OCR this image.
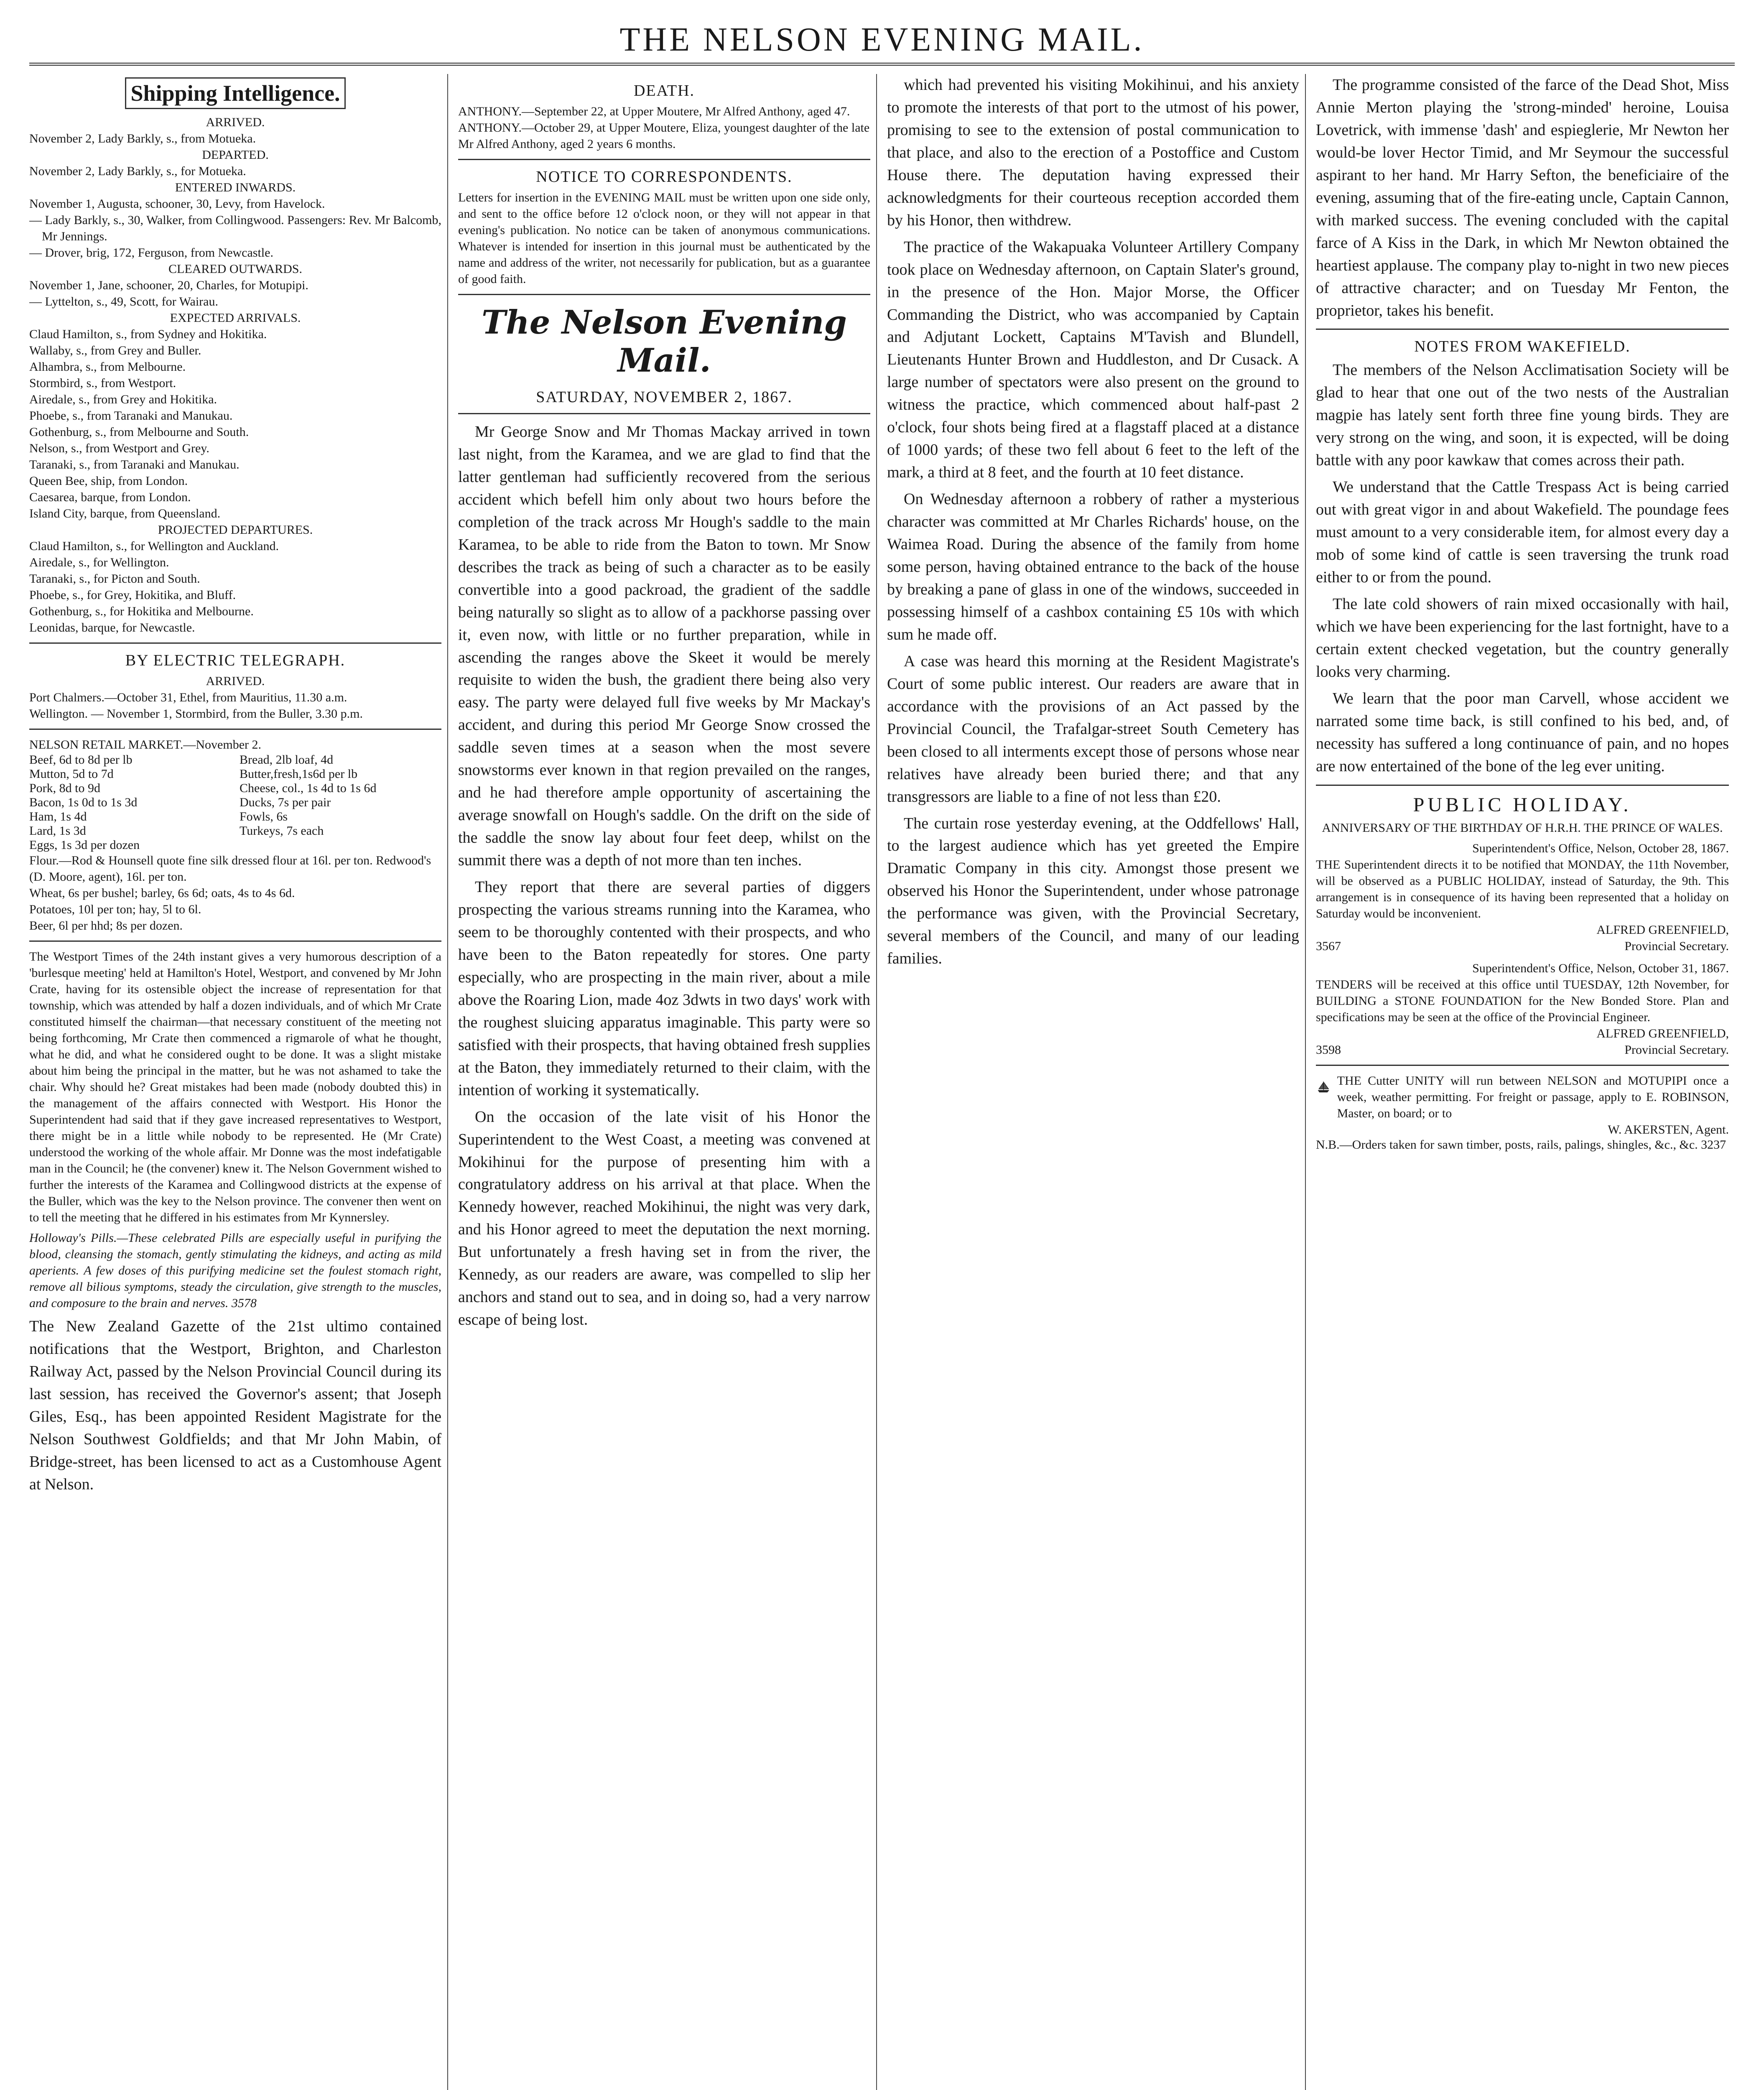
THE NELSON EVENING MAIL.
Shipping Intelligence.
ARRIVED.
November 2, Lady Barkly, s., from Motueka.
DEPARTED.
November 2, Lady Barkly, s., for Motueka.
ENTERED INWARDS.
November 1, Augusta, schooner, 30, Levy, from Havelock.
— Lady Barkly, s., 30, Walker, from Collingwood. Passengers: Rev. Mr Balcomb, Mr Jennings.
— Drover, brig, 172, Ferguson, from Newcastle.
CLEARED OUTWARDS.
November 1, Jane, schooner, 20, Charles, for Motupipi.
— Lyttelton, s., 49, Scott, for Wairau.
EXPECTED ARRIVALS.
Claud Hamilton, s., from Sydney and Hokitika.
Wallaby, s., from Grey and Buller.
Alhambra, s., from Melbourne.
Stormbird, s., from Westport.
Airedale, s., from Grey and Hokitika.
Phoebe, s., from Taranaki and Manukau.
Gothenburg, s., from Melbourne and South.
Nelson, s., from Westport and Grey.
Taranaki, s., from Taranaki and Manukau.
Queen Bee, ship, from London.
Caesarea, barque, from London.
Island City, barque, from Queensland.
PROJECTED DEPARTURES.
Claud Hamilton, s., for Wellington and Auckland.
Airedale, s., for Wellington.
Taranaki, s., for Picton and South.
Phoebe, s., for Grey, Hokitika, and Bluff.
Gothenburg, s., for Hokitika and Melbourne.
Leonidas, barque, for Newcastle.
BY ELECTRIC TELEGRAPH.
ARRIVED.
Port Chalmers.—October 31, Ethel, from Mauritius, 11.30 a.m.
Wellington. — November 1, Stormbird, from the Buller, 3.30 p.m.
NELSON RETAIL MARKET.—November 2.
Beef, 6d to 8d per lb	Bread, 2lb loaf, 4d
Mutton, 5d to 7d	Butter,fresh,1s6d per lb
Pork, 8d to 9d	Cheese, col., 1s 4d to 1s 6d
Bacon, 1s 0d to 1s 3d	Ducks, 7s per pair
Ham, 1s 4d	Fowls, 6s
Lard, 1s 3d	Turkeys, 7s each
Eggs, 1s 3d per dozen
Flour.—Rod & Hounsell quote fine silk dressed flour at 16l. per ton. Redwood's (D. Moore, agent), 16l. per ton.
Wheat, 6s per bushel; barley, 6s 6d; oats, 4s to 4s 6d.
Potatoes, 10l per ton; hay, 5l to 6l.
Beer, 6l per hhd; 8s per dozen.
The Westport Times of the 24th instant gives a very humorous description of a 'burlesque meeting' held at Hamilton's Hotel, Westport, and convened by Mr John Crate, having for its ostensible object the increase of representation for that township, which was attended by half a dozen individuals, and of which Mr Crate constituted himself the chairman—that necessary constituent of the meeting not being forthcoming, Mr Crate then commenced a rigmarole of what he thought, what he did, and what he considered ought to be done. It was a slight mistake about him being the principal in the matter, but he was not ashamed to take the chair. Why should he? Great mistakes had been made (nobody doubted this) in the management of the affairs connected with Westport. His Honor the Superintendent had said that if they gave increased representatives to Westport, there might be in a little while nobody to be represented. He (Mr Crate) understood the working of the whole affair. Mr Donne was the most indefatigable man in the Council; he (the convener) knew it. The Nelson Government wished to further the interests of the Karamea and Collingwood districts at the expense of the Buller, which was the key to the Nelson province. The convener then went on to tell the meeting that he differed in his estimates from Mr Kynnersley.
Holloway's Pills.—These celebrated Pills are especially useful in purifying the blood, cleansing the stomach, gently stimulating the kidneys, and acting as mild aperients. A few doses of this purifying medicine set the foulest stomach right, remove all bilious symptoms, steady the circulation, give strength to the muscles, and composure to the brain and nerves. 3578
The New Zealand Gazette of the 21st ultimo contained notifications that the Westport, Brighton, and Charleston Railway Act, passed by the Nelson Provincial Council during its last session, has received the Governor's assent; that Joseph Giles, Esq., has been appointed Resident Magistrate for the Nelson Southwest Goldfields; and that Mr John Mabin, of Bridge-street, has been licensed to act as a Customhouse Agent at Nelson.
DEATH.
ANTHONY.—September 22, at Upper Moutere, Mr Alfred Anthony, aged 47.
ANTHONY.—October 29, at Upper Moutere, Eliza, youngest daughter of the late Mr Alfred Anthony, aged 2 years 6 months.
NOTICE TO CORRESPONDENTS.
Letters for insertion in the EVENING MAIL must be written upon one side only, and sent to the office before 12 o'clock noon, or they will not appear in that evening's publication. No notice can be taken of anonymous communications. Whatever is intended for insertion in this journal must be authenticated by the name and address of the writer, not necessarily for publication, but as a guarantee of good faith.
The Nelson Evening Mail.
SATURDAY, NOVEMBER 2, 1867.

Mr George Snow and Mr Thomas Mackay arrived in town last night, from the Karamea, and we are glad to find that the latter gentleman had sufficiently recovered from the serious accident which befell him only about two hours before the completion of the track across Mr Hough's saddle to the main Karamea, to be able to ride from the Baton to town. Mr Snow describes the track as being of such a character as to be easily convertible into a good packroad, the gradient of the saddle being naturally so slight as to allow of a packhorse passing over it, even now, with little or no further preparation, while in ascending the ranges above the Skeet it would be merely requisite to widen the bush, the gradient there being also very easy. The party were delayed full five weeks by Mr Mackay's accident, and during this period Mr George Snow crossed the saddle seven times at a season when the most severe snowstorms ever known in that region prevailed on the ranges, and he had therefore ample opportunity of ascertaining the average snowfall on Hough's saddle. On the drift on the side of the saddle the snow lay about four feet deep, whilst on the summit there was a depth of not more than ten inches.

They report that there are several parties of diggers prospecting the various streams running into the Karamea, who seem to be thoroughly contented with their prospects, and who have been to the Baton repeatedly for stores. One party especially, who are prospecting in the main river, about a mile above the Roaring Lion, made 4oz 3dwts in two days' work with the roughest sluicing apparatus imaginable. This party were so satisfied with their prospects, that having obtained fresh supplies at the Baton, they immediately returned to their claim, with the intention of working it systematically.

On the occasion of the late visit of his Honor the Superintendent to the West Coast, a meeting was convened at Mokihinui for the purpose of presenting him with a congratulatory address on his arrival at that place. When the Kennedy however, reached Mokihinui, the night was very dark, and his Honor agreed to meet the deputation the next morning. But unfortunately a fresh having set in from the river, the Kennedy, as our readers are aware, was compelled to slip her anchors and stand out to sea, and in doing so, had a very narrow escape of being lost.

which had prevented his visiting Mokihinui, and his anxiety to promote the interests of that port to the utmost of his power, promising to see to the extension of postal communication to that place, and also to the erection of a Postoffice and Custom House there. The deputation having expressed their acknowledgments for their courteous reception accorded them by his Honor, then withdrew.

The practice of the Wakapuaka Volunteer Artillery Company took place on Wednesday afternoon, on Captain Slater's ground, in the presence of the Hon. Major Morse, the Officer Commanding the District, who was accompanied by Captain and Adjutant Lockett, Captains M'Tavish and Blundell, Lieutenants Hunter Brown and Huddleston, and Dr Cusack. A large number of spectators were also present on the ground to witness the practice, which commenced about half-past 2 o'clock, four shots being fired at a flagstaff placed at a distance of 1000 yards; of these two fell about 6 feet to the left of the mark, a third at 8 feet, and the fourth at 10 feet distance.

On Wednesday afternoon a robbery of rather a mysterious character was committed at Mr Charles Richards' house, on the Waimea Road. During the absence of the family from home some person, having obtained entrance to the back of the house by breaking a pane of glass in one of the windows, succeeded in possessing himself of a cashbox containing £5 10s with which sum he made off.

A case was heard this morning at the Resident Magistrate's Court of some public interest. Our readers are aware that in accordance with the provisions of an Act passed by the Provincial Council, the Trafalgar-street South Cemetery has been closed to all interments except those of persons whose near relatives have already been buried there; and that any transgressors are liable to a fine of not less than £20.

The curtain rose yesterday evening, at the Oddfellows' Hall, to the largest audience which has yet greeted the Empire Dramatic Company in this city. Amongst those present we observed his Honor the Superintendent, under whose patronage the performance was given, with the Provincial Secretary, several members of the Council, and many of our leading families.

The programme consisted of the farce of the Dead Shot, Miss Annie Merton playing the 'strong-minded' heroine, Louisa Lovetrick, with immense 'dash' and espieglerie, Mr Newton her would-be lover Hector Timid, and Mr Seymour the successful aspirant to her hand. Mr Harry Sefton, the beneficiaire of the evening, assuming that of the fire-eating uncle, Captain Cannon, with marked success. The evening concluded with the capital farce of A Kiss in the Dark, in which Mr Newton obtained the heartiest applause. The company play to-night in two new pieces of attractive character; and on Tuesday Mr Fenton, the proprietor, takes his benefit.

NOTES FROM WAKEFIELD.

The members of the Nelson Acclimatisation Society will be glad to hear that one out of the two nests of the Australian magpie has lately sent forth three fine young birds. They are very strong on the wing, and soon, it is expected, will be doing battle with any poor kawkaw that comes across their path.

We understand that the Cattle Trespass Act is being carried out with great vigor in and about Wakefield. The poundage fees must amount to a very considerable item, for almost every day a mob of some kind of cattle is seen traversing the trunk road either to or from the pound.

The late cold showers of rain mixed occasionally with hail, which we have been experiencing for the last fortnight, have to a certain extent checked vegetation, but the country generally looks very charming.

We learn that the poor man Carvell, whose accident we narrated some time back, is still confined to his bed, and, of necessity has suffered a long continuance of pain, and no hopes are now entertained of the bone of the leg ever uniting.

PUBLIC HOLIDAY.
ANNIVERSARY OF THE BIRTHDAY OF H.R.H. THE PRINCE OF WALES.
Superintendent's Office, Nelson, October 28, 1867.
THE Superintendent directs it to be notified that MONDAY, the 11th November, will be observed as a PUBLIC HOLIDAY, instead of Saturday, the 9th. This arrangement is in consequence of its having been represented that a holiday on Saturday would be inconvenient.
ALFRED GREENFIELD,
3567	Provincial Secretary.
Superintendent's Office, Nelson, October 31, 1867.
TENDERS will be received at this office until TUESDAY, 12th November, for BUILDING a STONE FOUNDATION for the New Bonded Store. Plan and specifications may be seen at the office of the Provincial Engineer.
ALFRED GREENFIELD,
3598	Provincial Secretary.
THE Cutter UNITY will run between NELSON and MOTUPIPI once a week, weather permitting. For freight or passage, apply to E. ROBINSON, Master, on board; or to
W. AKERSTEN, Agent.
N.B.—Orders taken for sawn timber, posts, rails, palings, shingles, &c., &c. 3237
